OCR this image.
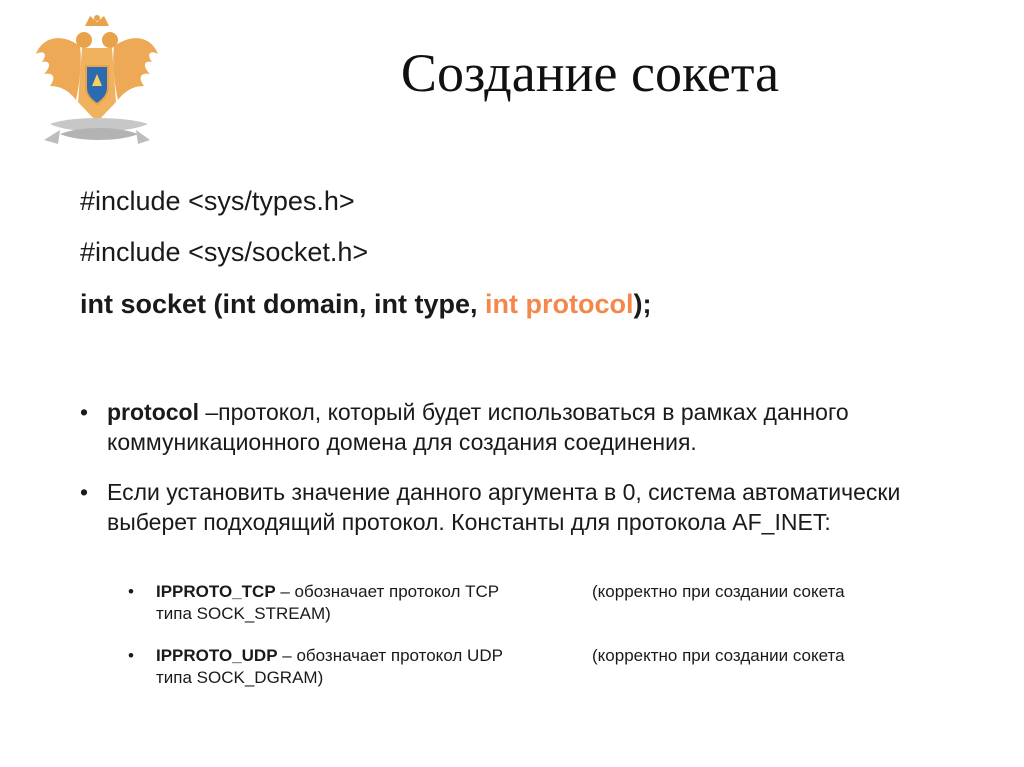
Создание сокета
#include <sys/types.h>
#include <sys/socket.h>
int socket (int domain, int type, int protocol);
• protocol –протокол, который будет использоваться в рамках данного коммуникационного домена для создания соединения.
• Если установить значение данного аргумента в 0, система автоматически выберет подходящий протокол. Константы для протокола AF_INET:
• IPPROTO_TCP – обозначает протокол TCP	(корректно при создании сокета
типа SOCK_STREAM)
• IPPROTO_UDP – обозначает протокол UDP	(корректно при создании сокета
типа SOCK_DGRAM)
